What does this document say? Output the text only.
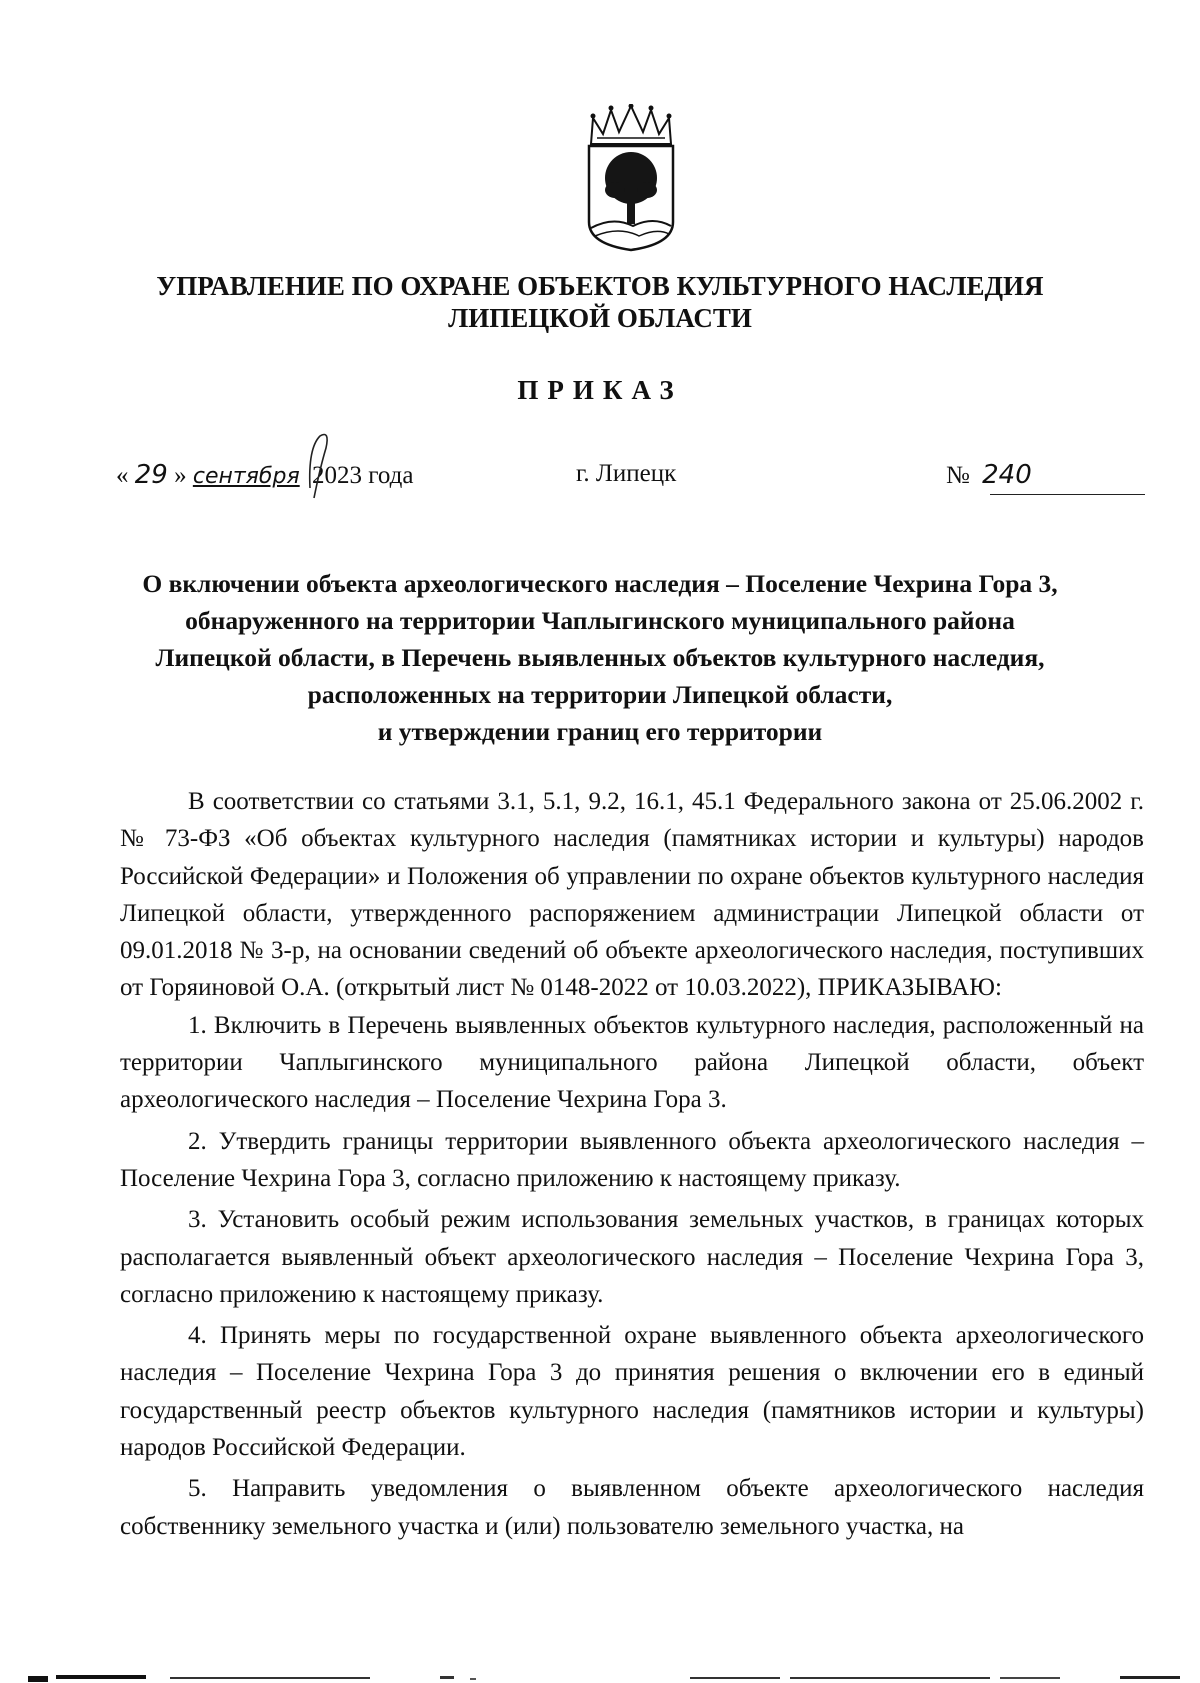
УПРАВЛЕНИЕ ПО ОХРАНЕ ОБЪЕКТОВ КУЛЬТУРНОГО НАСЛЕДИЯ
ЛИПЕЦКОЙ ОБЛАСТИ
ПРИКАЗ
« 29 » сентября 2023 года	г. Липецк	№ 240
О включении объекта археологического наследия – Поселение Чехрина Гора 3,
обнаруженного на территории Чаплыгинского муниципального района
Липецкой области, в Перечень выявленных объектов культурного наследия,
расположенных на территории Липецкой области,
и утверждении границ его территории

В соответствии со статьями 3.1, 5.1, 9.2, 16.1, 45.1 Федерального закона от 25.06.2002 г. № 73-ФЗ «Об объектах культурного наследия (памятниках истории и культуры) народов Российской Федерации» и Положения об управлении по охране объектов культурного наследия Липецкой области, утвержденного распоряжением администрации Липецкой области от 09.01.2018 № 3-р, на основании сведений об объекте археологического наследия, поступивших от Горяиновой О.А. (открытый лист № 0148-2022 от 10.03.2022), ПРИКАЗЫВАЮ:

1. Включить в Перечень выявленных объектов культурного наследия, расположенный на территории Чаплыгинского муниципального района Липецкой области, объект археологического наследия – Поселение Чехрина Гора 3.

2. Утвердить границы территории выявленного объекта археологического наследия – Поселение Чехрина Гора 3, согласно приложению к настоящему приказу.

3. Установить особый режим использования земельных участков, в границах которых располагается выявленный объект археологического наследия – Поселение Чехрина Гора 3, согласно приложению к настоящему приказу.

4. Принять меры по государственной охране выявленного объекта археологического наследия – Поселение Чехрина Гора 3 до принятия решения о включении его в единый государственный реестр объектов культурного наследия (памятников истории и культуры) народов Российской Федерации.

5. Направить уведомления о выявленном объекте археологического наследия собственнику земельного участка и (или) пользователю земельного участка, на
